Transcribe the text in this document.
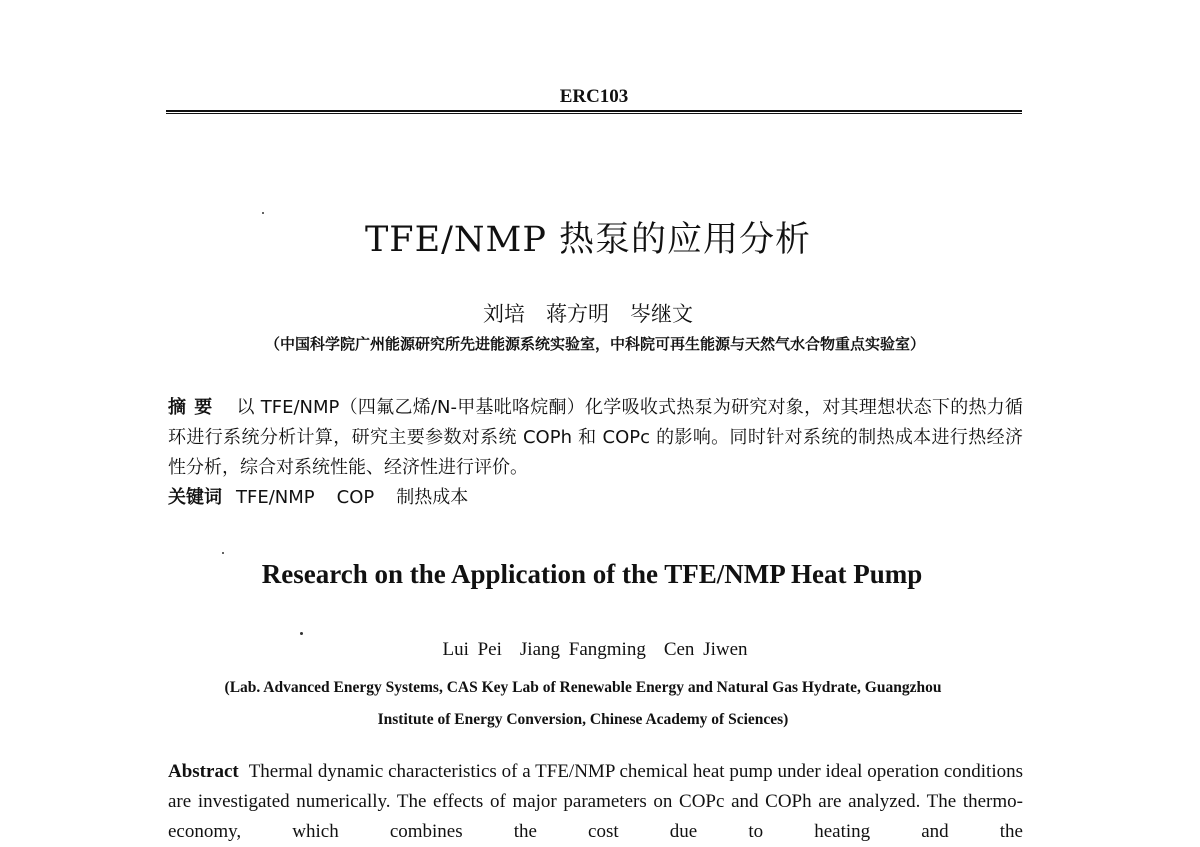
ERC103
TFE/NMP 热泵的应用分析
刘培　蒋方明　岑继文
（中国科学院广州能源研究所先进能源系统实验室，中科院可再生能源与天然气水合物重点实验室）
摘要 以 TFE/NMP（四氟乙烯/N-甲基吡咯烷酮）化学吸收式热泵为研究对象，对其理想状态下的热力循环进行系统分析计算，研究主要参数对系统 COPh 和 COPc 的影响。同时针对系统的制热成本进行热经济性分析，综合对系统性能、经济性进行评价。
关键词 TFE/NMP COP 制热成本
Research on the Application of the TFE/NMP Heat Pump
Lui Pei Jiang Fangming Cen Jiwen
(Lab. Advanced Energy Systems, CAS Key Lab of Renewable Energy and Natural Gas Hydrate, Guangzhou
Institute of Energy Conversion, Chinese Academy of Sciences)
Abstract Thermal dynamic characteristics of a TFE/NMP chemical heat pump under ideal operation conditions are investigated numerically. The effects of major parameters on COPc and COPh are analyzed. The thermo-economy, which combines the cost due to heating and the
